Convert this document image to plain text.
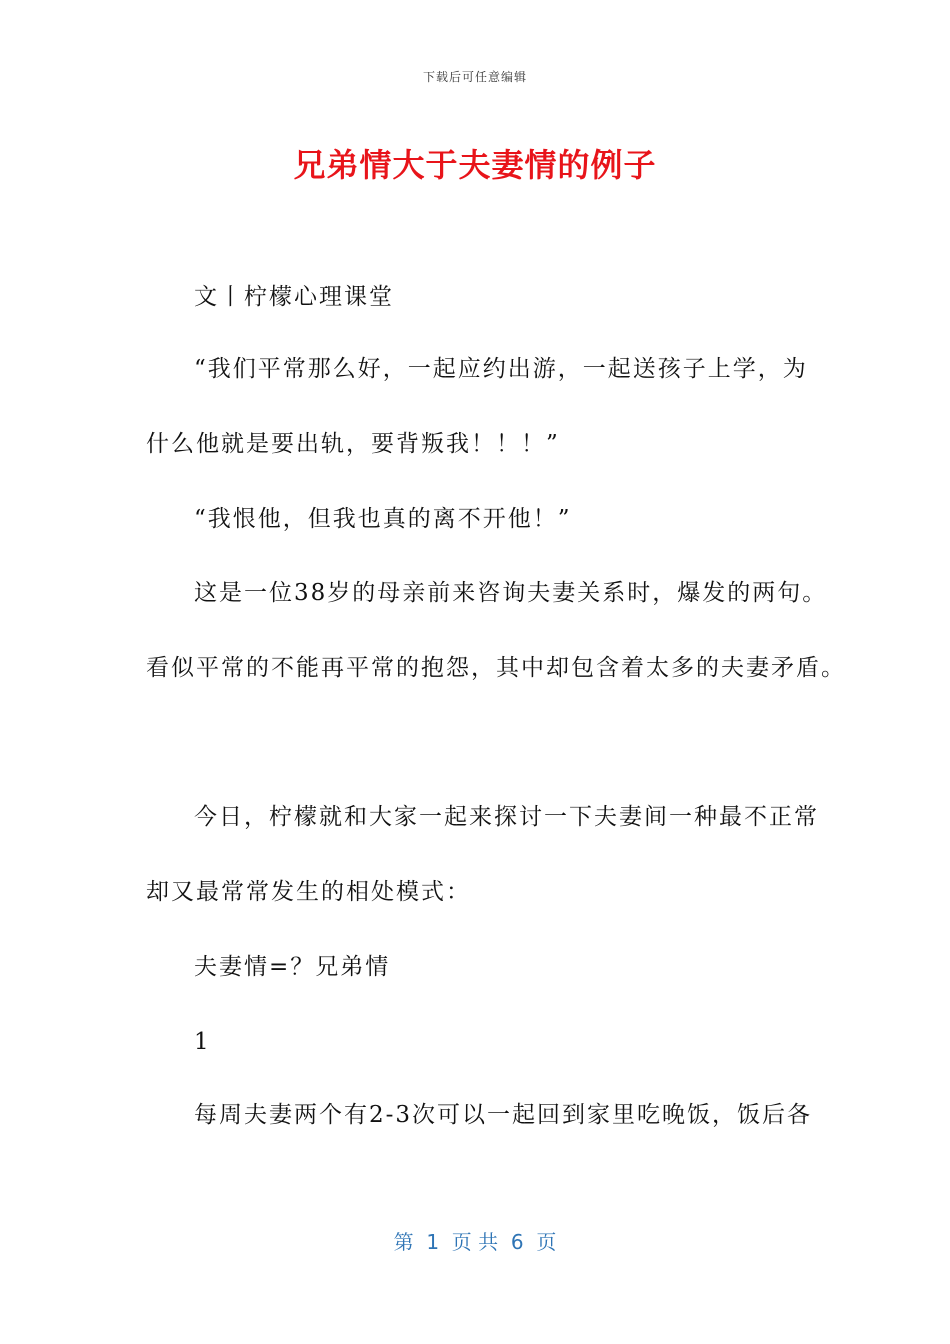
下载后可任意编辑
兄弟情大于夫妻情的例子
文丨柠檬心理课堂
“我们平常那么好，一起应约出游，一起送孩子上学，为
什么他就是要出轨，要背叛我！！！”
“我恨他，但我也真的离不开他！”
这是一位38岁的母亲前来咨询夫妻关系时，爆发的两句。
看似平常的不能再平常的抱怨，其中却包含着太多的夫妻矛盾。
今日，柠檬就和大家一起来探讨一下夫妻间一种最不正常
却又最常常发生的相处模式：
夫妻情=？兄弟情
1
每周夫妻两个有2-3次可以一起回到家里吃晚饭，饭后各
第  1  页 共  6  页
